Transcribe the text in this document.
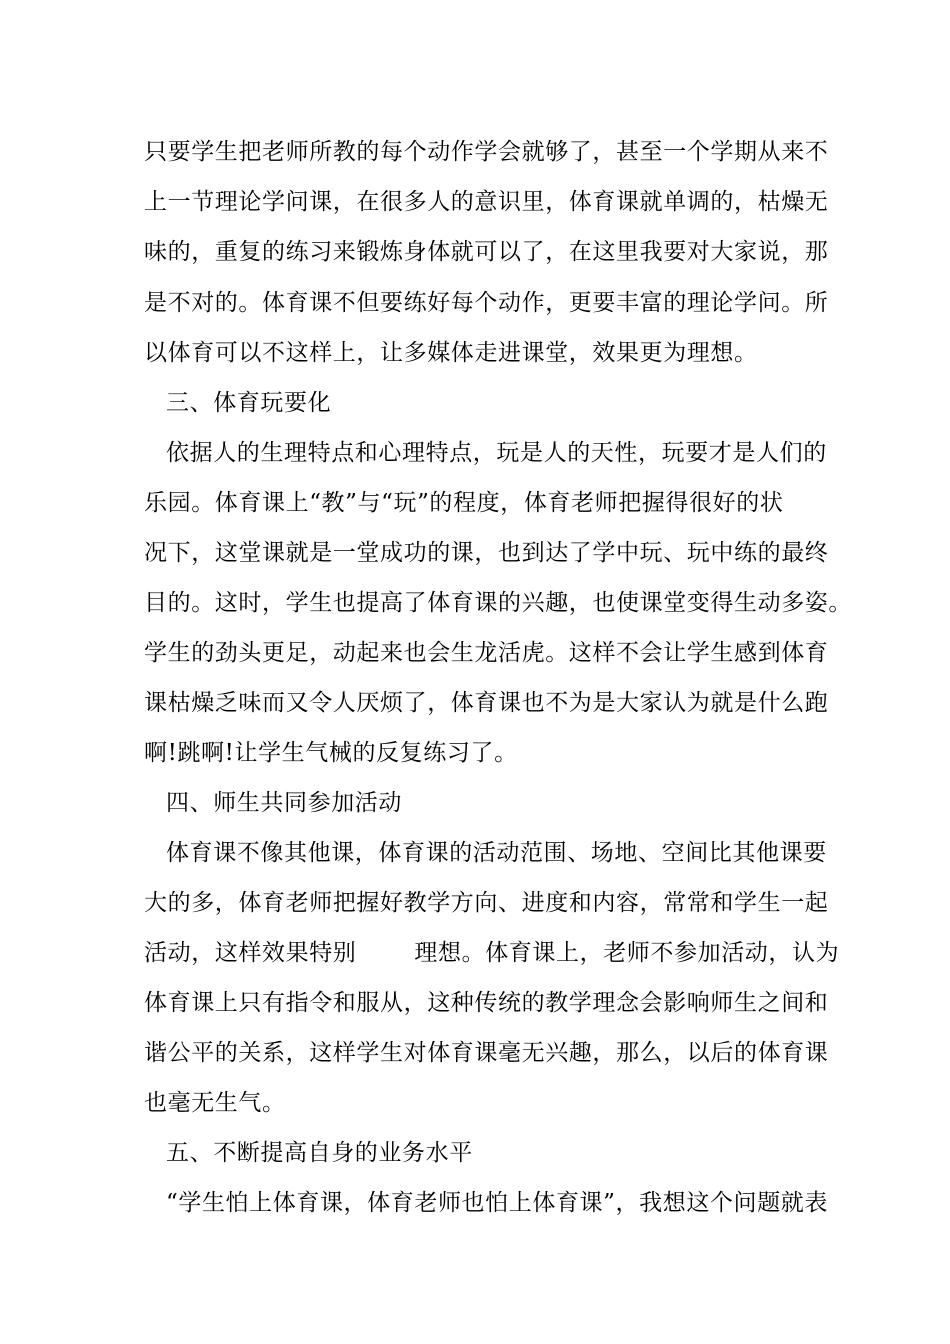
只要学生把老师所教的每个动作学会就够了，甚至一个学期从来不
上一节理论学问课，在很多人的意识里，体育课就单调的，枯燥无
味的，重复的练习来锻炼身体就可以了，在这里我要对大家说，那
是不对的。体育课不但要练好每个动作，更要丰富的理论学问。所
以体育可以不这样上，让多媒体走进课堂，效果更为理想。
三、体育玩要化
依据人的生理特点和心理特点，玩是人的天性，玩要才是人们的
乐园。体育课上“教”与“玩”的程度，体育老师把握得很好的状
况下，这堂课就是一堂成功的课，也到达了学中玩、玩中练的最终
目的。这时，学生也提高了体育课的兴趣，也使课堂变得生动多姿。
学生的劲头更足，动起来也会生龙活虎。这样不会让学生感到体育
课枯燥乏味而又令人厌烦了，体育课也不为是大家认为就是什么跑
啊!跳啊!让学生气械的反复练习了。
四、师生共同参加活动
体育课不像其他课，体育课的活动范围、场地、空间比其他课要
大的多，体育老师把握好教学方向、进度和内容，常常和学生一起
活动，这样效果特别	理想。体育课上，老师不参加活动，认为
体育课上只有指令和服从，这种传统的教学理念会影响师生之间和
谐公平的关系，这样学生对体育课毫无兴趣，那么，以后的体育课
也毫无生气。
五、不断提高自身的业务水平
“学生怕上体育课，体育老师也怕上体育课”，我想这个问题就表
